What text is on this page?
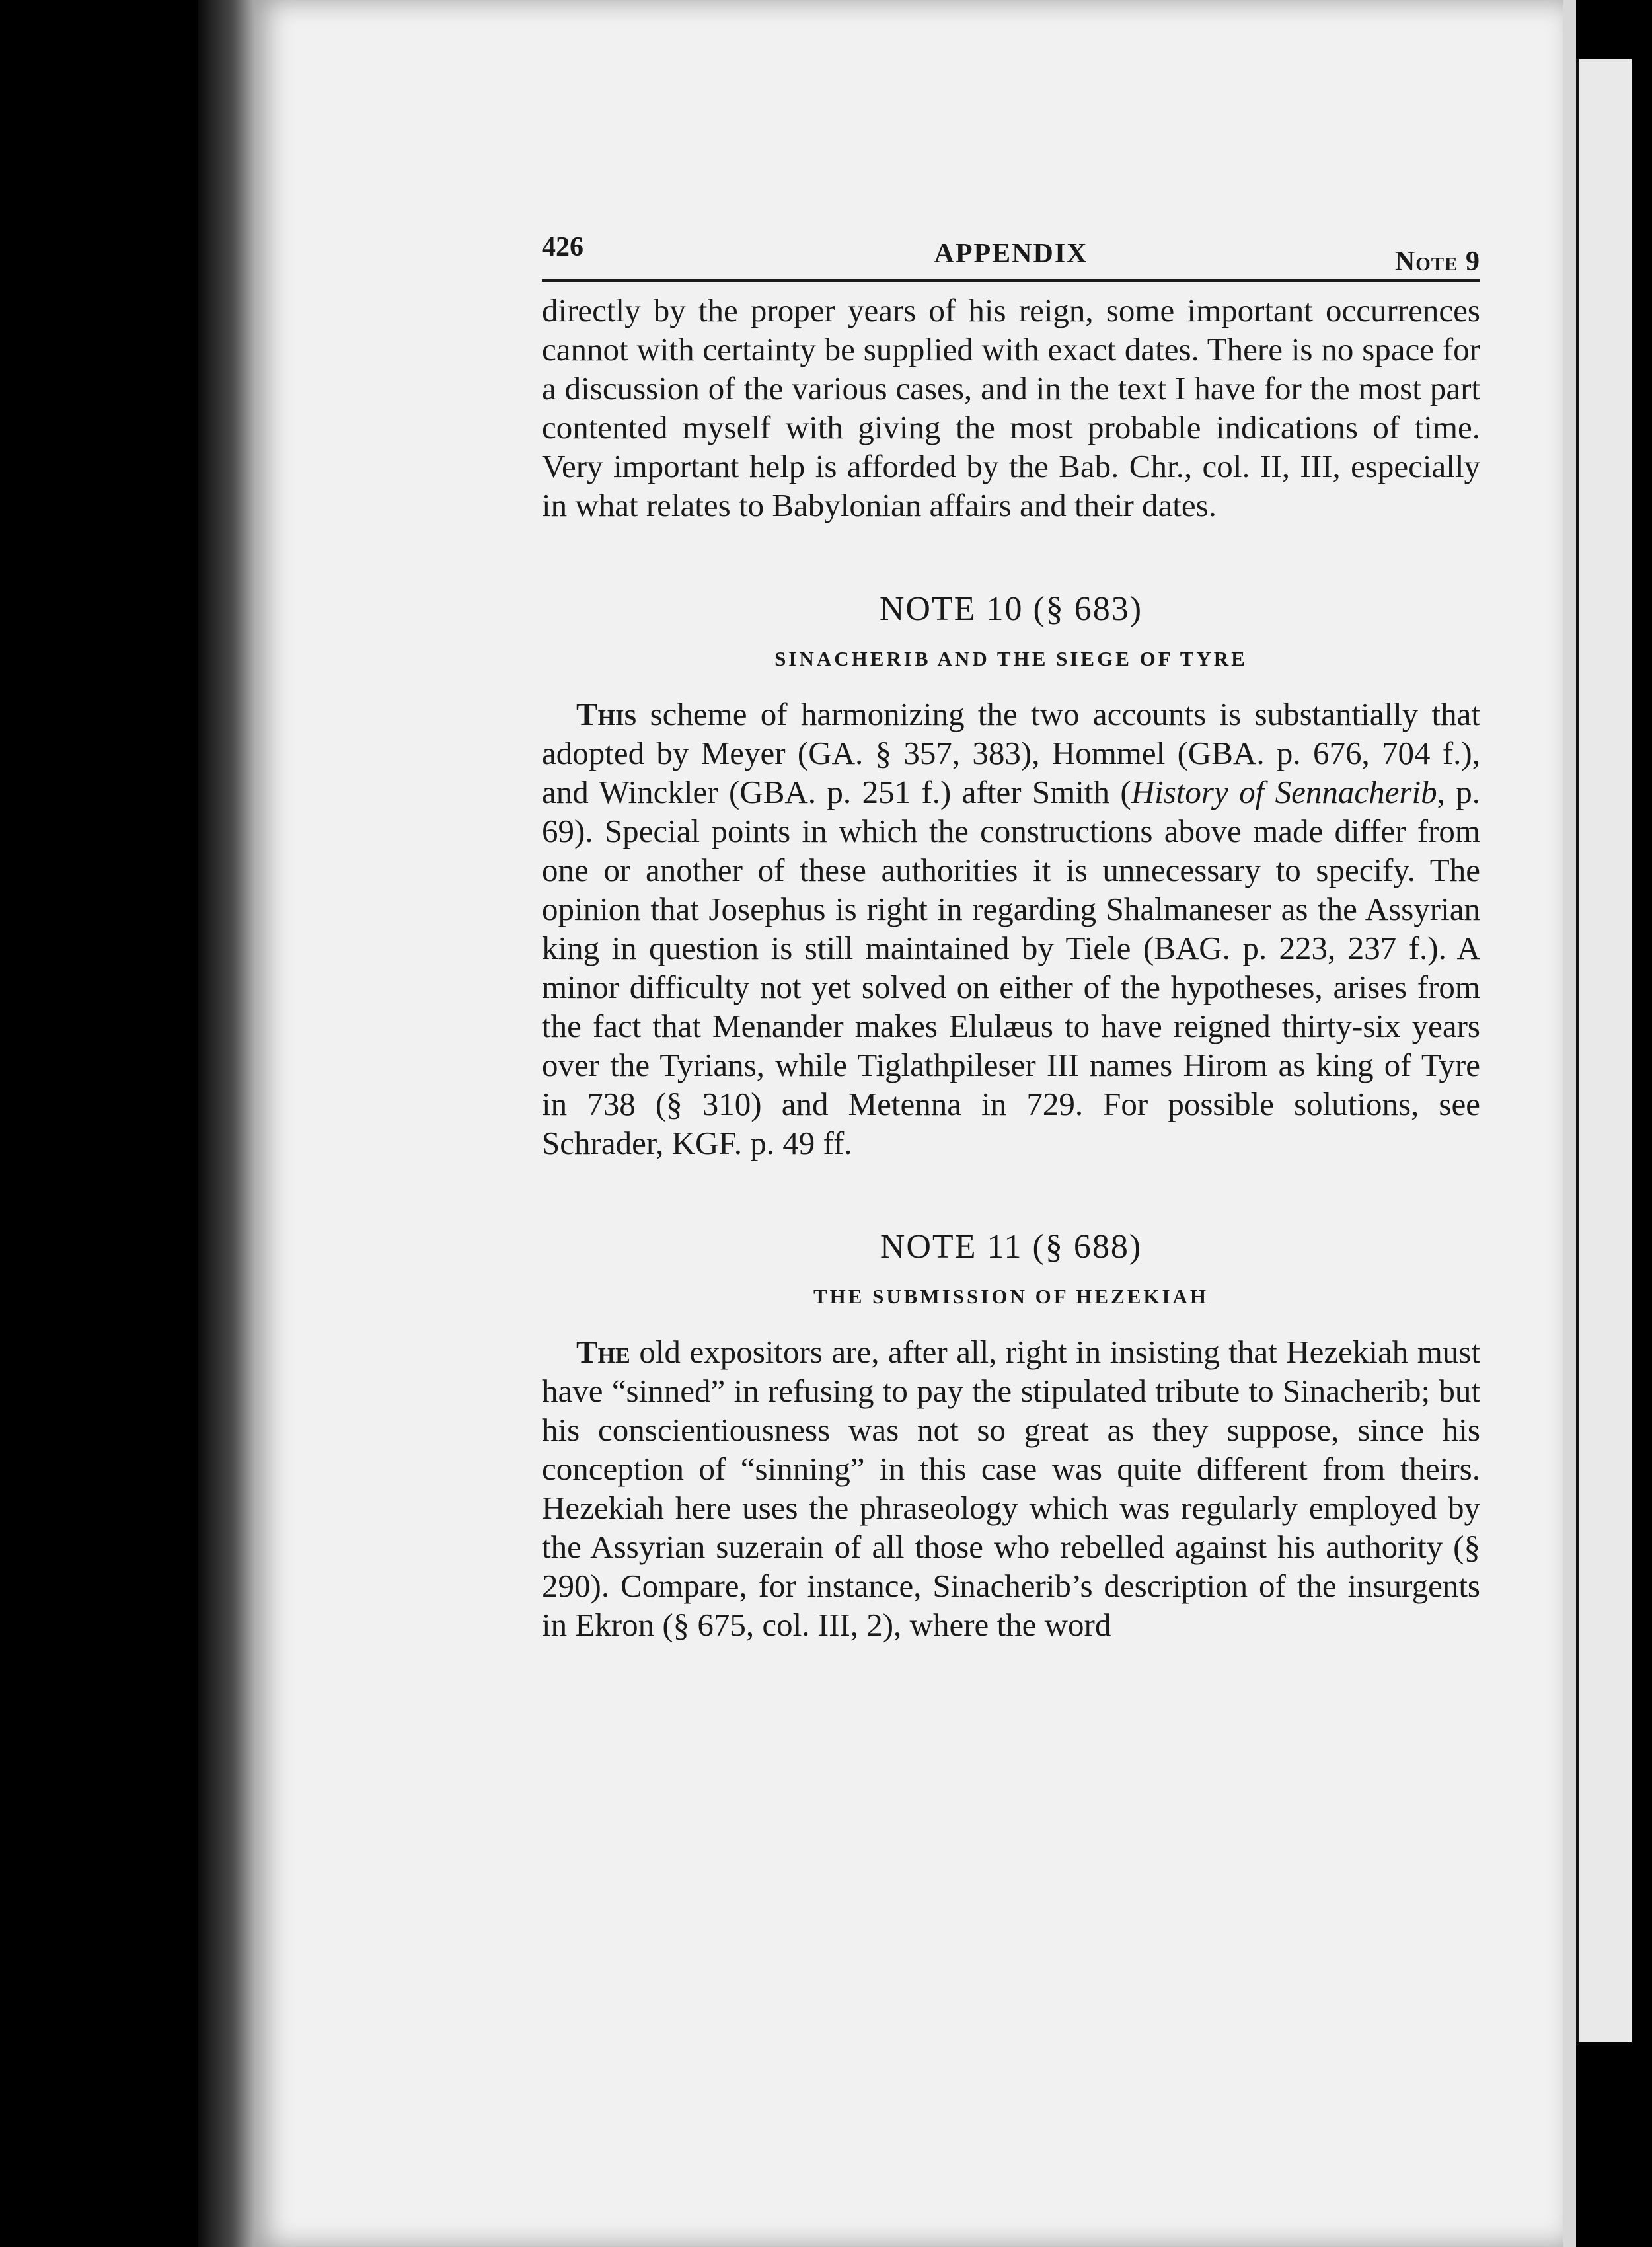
426	APPENDIX	Note 9

directly by the proper years of his reign, some important occurrences cannot with certainty be supplied with exact dates. There is no space for a discussion of the various cases, and in the text I have for the most part contented myself with giving the most probable indications of time. Very important help is afforded by the Bab. Chr., col. II, III, especially in what relates to Babylonian affairs and their dates.

NOTE 10 (§ 683)
SINACHERIB AND THE SIEGE OF TYRE

This scheme of harmonizing the two accounts is substantially that adopted by Meyer (GA. § 357, 383), Hommel (GBA. p. 676, 704 f.), and Winckler (GBA. p. 251 f.) after Smith (History of Sennacherib, p. 69). Special points in which the constructions above made differ from one or another of these authorities it is unnecessary to specify. The opinion that Josephus is right in regarding Shalmaneser as the Assyrian king in question is still maintained by Tiele (BAG. p. 223, 237 f.). A minor difficulty not yet solved on either of the hypotheses, arises from the fact that Menander makes Elulæus to have reigned thirty-six years over the Tyrians, while Tiglathpileser III names Hirom as king of Tyre in 738 (§ 310) and Metenna in 729. For possible solutions, see Schrader, KGF. p. 49 ff.

NOTE 11 (§ 688)
THE SUBMISSION OF HEZEKIAH

The old expositors are, after all, right in insisting that Hezekiah must have “sinned” in refusing to pay the stipulated tribute to Sinacherib; but his conscientiousness was not so great as they suppose, since his conception of “sinning” in this case was quite different from theirs. Hezekiah here uses the phraseology which was regularly employed by the Assyrian suzerain of all those who rebelled against his authority (§ 290). Compare, for instance, Sinacherib’s description of the insurgents in Ekron (§ 675, col. III, 2), where the word
